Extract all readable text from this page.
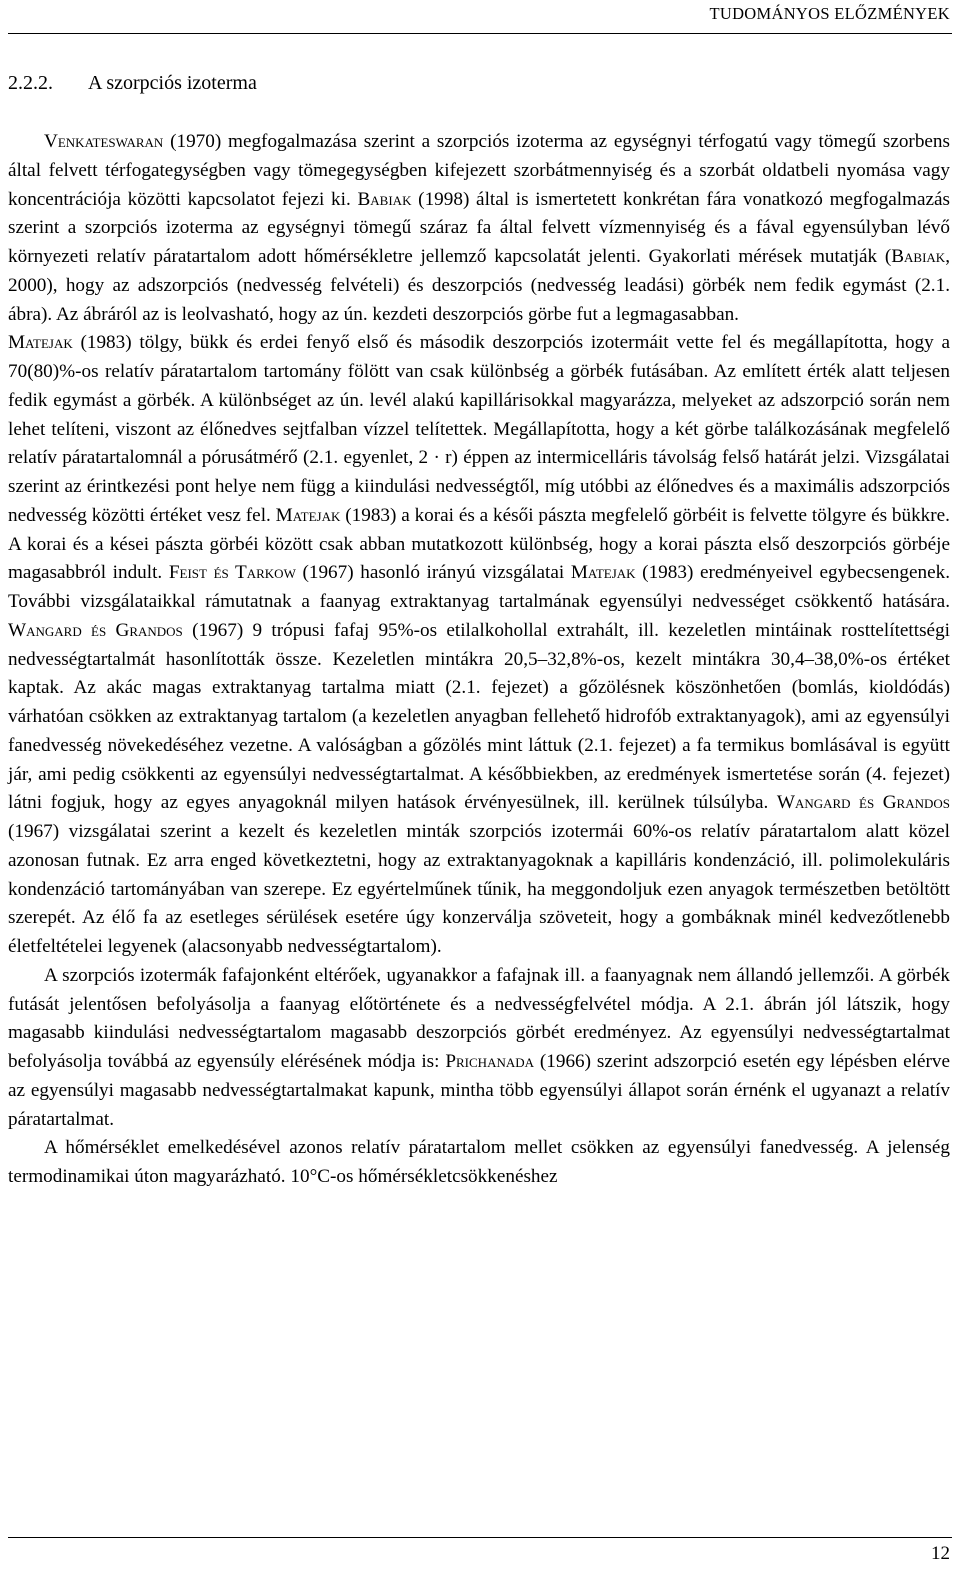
TUDOMÁNYOS ELŐZMÉNYEK
2.2.2. A szorpciós izoterma

Venkateswaran (1970) megfogalmazása szerint a szorpciós izoterma az egységnyi térfogatú vagy tömegű szorbens által felvett térfogategységben vagy tömegegységben kifejezett szorbátmennyiség és a szorbát oldatbeli nyomása vagy koncentrációja közötti kapcsolatot fejezi ki. Babiak (1998) által is ismertetett konkrétan fára vonatkozó megfogalmazás szerint a szorpciós izoterma az egységnyi tömegű száraz fa által felvett vízmennyiség és a fával egyensúlyban lévő környezeti relatív páratartalom adott hőmérsékletre jellemző kapcsolatát jelenti. Gyakorlati mérések mutatják (Babiak, 2000), hogy az adszorpciós (nedvesség felvételi) és deszorpciós (nedvesség leadási) görbék nem fedik egymást (2.1. ábra). Az ábráról az is leolvasható, hogy az ún. kezdeti deszorpciós görbe fut a legmagasabban.

Matejak (1983) tölgy, bükk és erdei fenyő első és második deszorpciós izotermáit vette fel és megállapította, hogy a 70(80)%-os relatív páratartalom tartomány fölött van csak különbség a görbék futásában. Az említett érték alatt teljesen fedik egymást a görbék. A különbséget az ún. levél alakú kapillárisokkal magyarázza, melyeket az adszorpció során nem lehet telíteni, viszont az élőnedves sejtfalban vízzel telítettek. Megállapította, hogy a két görbe találkozásának megfelelő relatív páratartalomnál a pórusátmérő (2.1. egyenlet, 2 · r) éppen az intermicelláris távolság felső határát jelzi. Vizsgálatai szerint az érintkezési pont helye nem függ a kiindulási nedvességtől, míg utóbbi az élőnedves és a maximális adszorpciós nedvesség közötti értéket vesz fel. Matejak (1983) a korai és a késői pászta megfelelő görbéit is felvette tölgyre és bükkre. A korai és a kései pászta görbéi között csak abban mutatkozott különbség, hogy a korai pászta első deszorpciós görbéje magasabbról indult. Feist és Tarkow (1967) hasonló irányú vizsgálatai Matejak (1983) eredményeivel egybecsengenek. További vizsgálataikkal rámutatnak a faanyag extraktanyag tartalmának egyensúlyi nedvességet csökkentő hatására. Wangard és Grandos (1967) 9 trópusi fafaj 95%-os etilalkohollal extrahált, ill. kezeletlen mintáinak rosttelítettségi nedvességtartalmát hasonlították össze. Kezeletlen mintákra 20,5–32,8%-os, kezelt mintákra 30,4–38,0%-os értéket kaptak. Az akác magas extraktanyag tartalma miatt (2.1. fejezet) a gőzölésnek köszönhetően (bomlás, kioldódás) várhatóan csökken az extraktanyag tartalom (a kezeletlen anyagban fellehető hidrofób extraktanyagok), ami az egyensúlyi fanedvesség növekedéséhez vezetne. A valóságban a gőzölés mint láttuk (2.1. fejezet) a fa termikus bomlásával is együtt jár, ami pedig csökkenti az egyensúlyi nedvességtartalmat. A későbbiekben, az eredmények ismertetése során (4. fejezet) látni fogjuk, hogy az egyes anyagoknál milyen hatások érvényesülnek, ill. kerülnek túlsúlyba. Wangard és Grandos (1967) vizsgálatai szerint a kezelt és kezeletlen minták szorpciós izotermái 60%-os relatív páratartalom alatt közel azonosan futnak. Ez arra enged következtetni, hogy az extraktanyagoknak a kapilláris kondenzáció, ill. polimolekuláris kondenzáció tartományában van szerepe. Ez egyértelműnek tűnik, ha meggondoljuk ezen anyagok természetben betöltött szerepét. Az élő fa az esetleges sérülések esetére úgy konzerválja szöveteit, hogy a gombáknak minél kedvezőtlenebb életfeltételei legyenek (alacsonyabb nedvességtartalom).

A szorpciós izotermák fafajonként eltérőek, ugyanakkor a fafajnak ill. a faanyagnak nem állandó jellemzői. A görbék futását jelentősen befolyásolja a faanyag előtörténete és a nedvességfelvétel módja. A 2.1. ábrán jól látszik, hogy magasabb kiindulási nedvességtartalom magasabb deszorpciós görbét eredményez. Az egyensúlyi nedvességtartalmat befolyásolja továbbá az egyensúly elérésének módja is: Prichanada (1966) szerint adszorpció esetén egy lépésben elérve az egyensúlyi magasabb nedvességtartalmakat kapunk, mintha több egyensúlyi állapot során érnénk el ugyanazt a relatív páratartalmat.

A hőmérséklet emelkedésével azonos relatív páratartalom mellet csökken az egyensúlyi fanedvesség. A jelenség termodinamikai úton magyarázható. 10°C-os hőmérsékletcsökkenéshez

12
